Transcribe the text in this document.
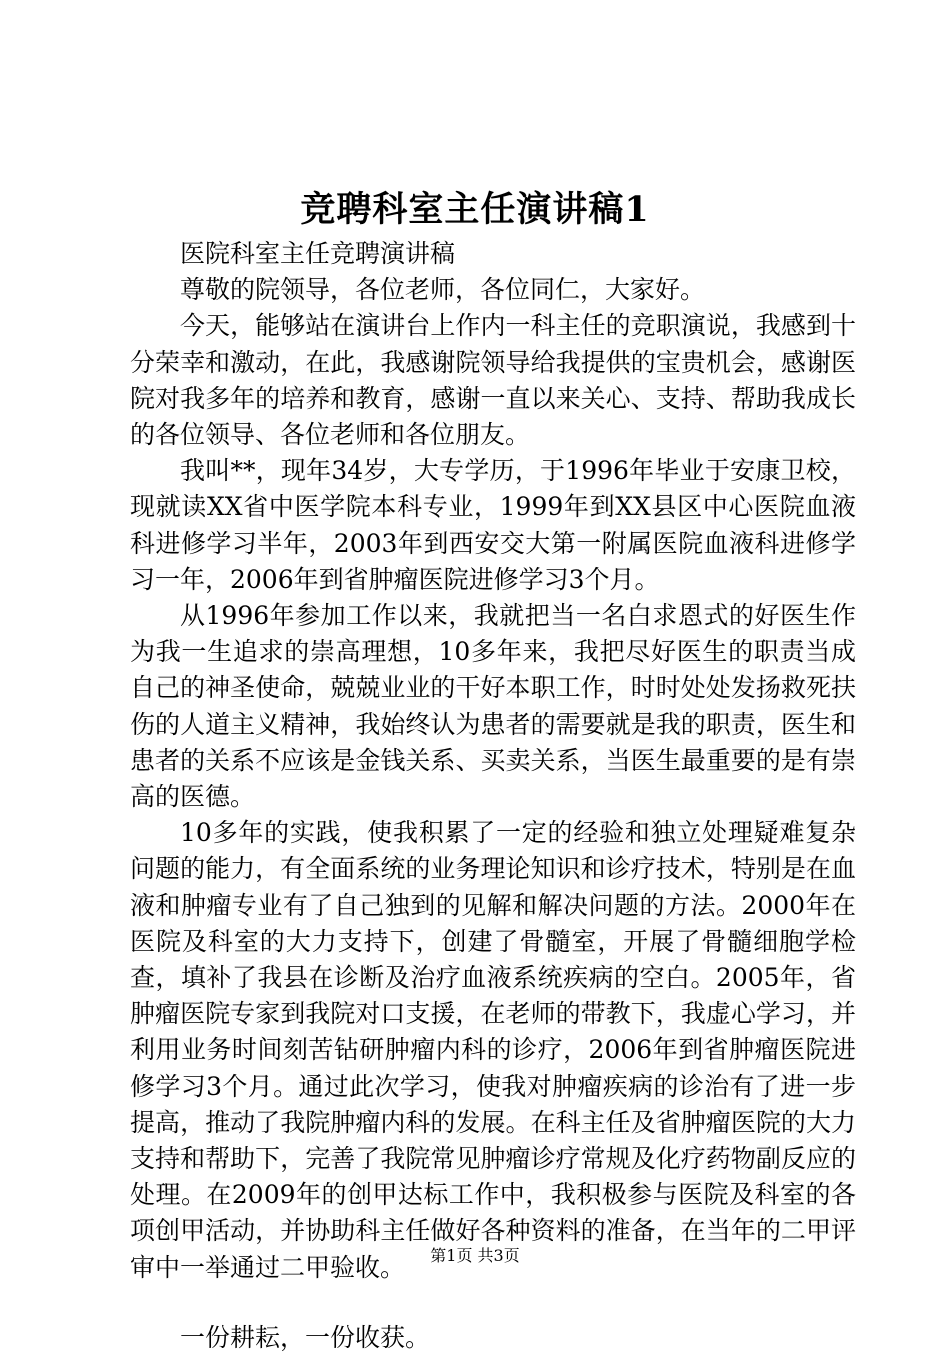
竞聘科室主任演讲稿1

医院科室主任竞聘演讲稿

尊敬的院领导，各位老师，各位同仁，大家好。

今天，能够站在演讲台上作内一科主任的竞职演说，我感到十分荣幸和激动，在此，我感谢院领导给我提供的宝贵机会，感谢医院对我多年的培养和教育，感谢一直以来关心、支持、帮助我成长的各位领导、各位老师和各位朋友。

我叫**，现年34岁，大专学历，于1996年毕业于安康卫校，现就读XX省中医学院本科专业，1999年到XX县区中心医院血液科进修学习半年，2003年到西安交大第一附属医院血液科进修学习一年，2006年到省肿瘤医院进修学习3个月。

从1996年参加工作以来，我就把当一名白求恩式的好医生作为我一生追求的崇高理想，10多年来，我把尽好医生的职责当成自己的神圣使命，兢兢业业的干好本职工作，时时处处发扬救死扶伤的人道主义精神，我始终认为患者的需要就是我的职责，医生和患者的关系不应该是金钱关系、买卖关系，当医生最重要的是有崇高的医德。

10多年的实践，使我积累了一定的经验和独立处理疑难复杂问题的能力，有全面系统的业务理论知识和诊疗技术，特别是在血液和肿瘤专业有了自己独到的见解和解决问题的方法。2000年在医院及科室的大力支持下，创建了骨髓室，开展了骨髓细胞学检查，填补了我县在诊断及治疗血液系统疾病的空白。2005年，省肿瘤医院专家到我院对口支援，在老师的带教下，我虚心学习，并利用业务时间刻苦钻研肿瘤内科的诊疗，2006年到省肿瘤医院进修学习3个月。通过此次学习，使我对肿瘤疾病的诊治有了进一步提高，推动了我院肿瘤内科的发展。在科主任及省肿瘤医院的大力支持和帮助下，完善了我院常见肿瘤诊疗常规及化疗药物副反应的处理。在2009年的创甲达标工作中，我积极参与医院及科室的各项创甲活动，并协助科主任做好各种资料的准备，在当年的二甲评审中一举通过二甲验收。

一份耕耘，一份收获。

第1页 共3页
